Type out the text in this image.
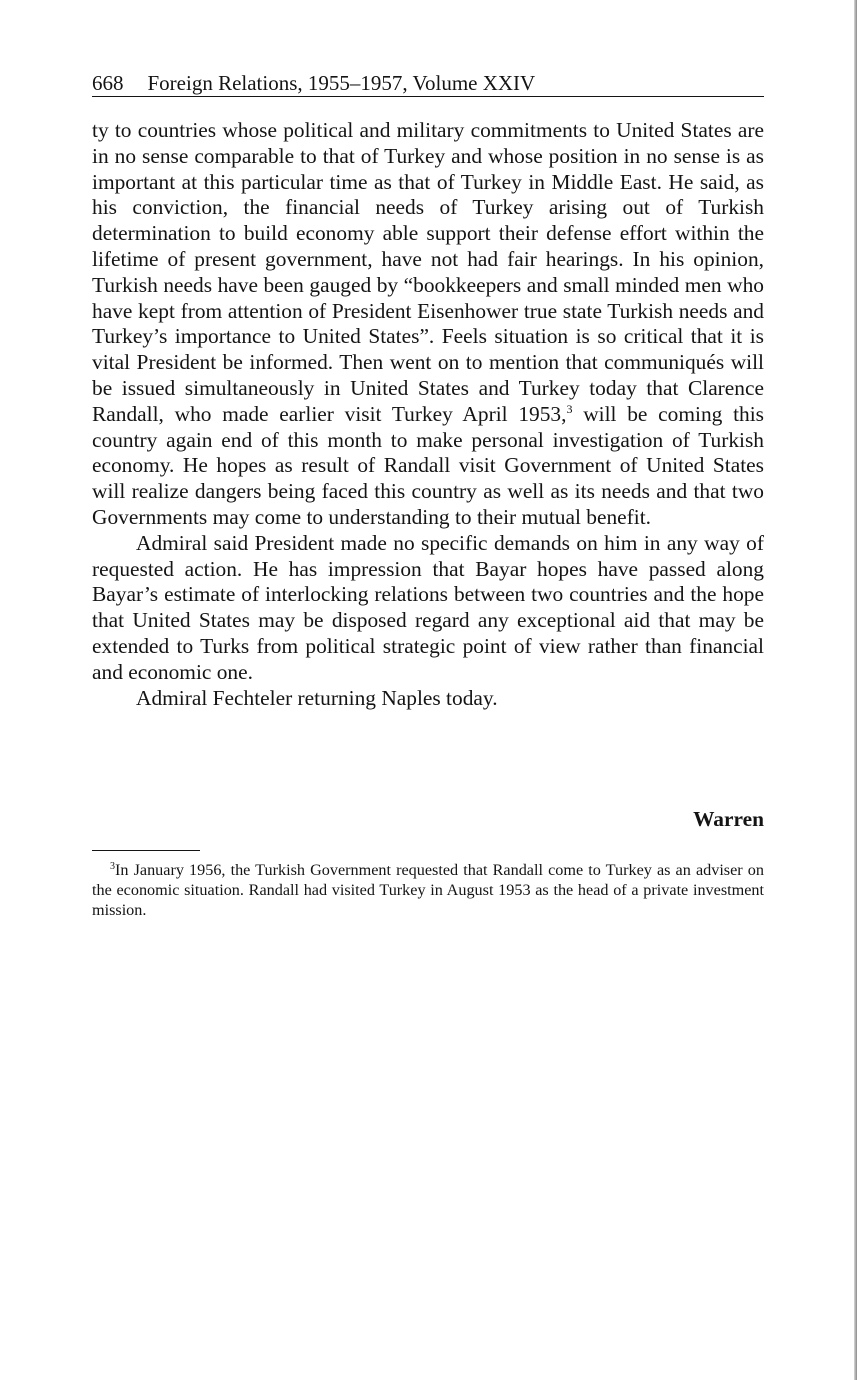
668 Foreign Relations, 1955–1957, Volume XXIV

ty to countries whose political and military commitments to United States are in no sense comparable to that of Turkey and whose position in no sense is as important at this particular time as that of Turkey in Middle East. He said, as his conviction, the financial needs of Turkey arising out of Turkish determination to build economy able support their defense effort within the lifetime of present government, have not had fair hearings. In his opinion, Turkish needs have been gauged by “bookkeepers and small minded men who have kept from attention of President Eisenhower true state Turkish needs and Turkey’s importance to United States”. Feels situation is so critical that it is vital President be informed. Then went on to mention that communiqués will be issued simultaneously in United States and Turkey today that Clarence Randall, who made earlier visit Turkey April 1953,$^3$ will be coming this country again end of this month to make personal investigation of Turkish economy. He hopes as result of Randall visit Government of United States will realize dangers being faced this country as well as its needs and that two Governments may come to understanding to their mutual benefit.

Admiral said President made no specific demands on him in any way of requested action. He has impression that Bayar hopes have passed along Bayar’s estimate of interlocking relations between two countries and the hope that United States may be disposed regard any exceptional aid that may be extended to Turks from political strategic point of view rather than financial and economic one.

Admiral Fechteler returning Naples today.

Warren

$^3$In January 1956, the Turkish Government requested that Randall come to Turkey as an adviser on the economic situation. Randall had visited Turkey in August 1953 as the head of a private investment mission.
